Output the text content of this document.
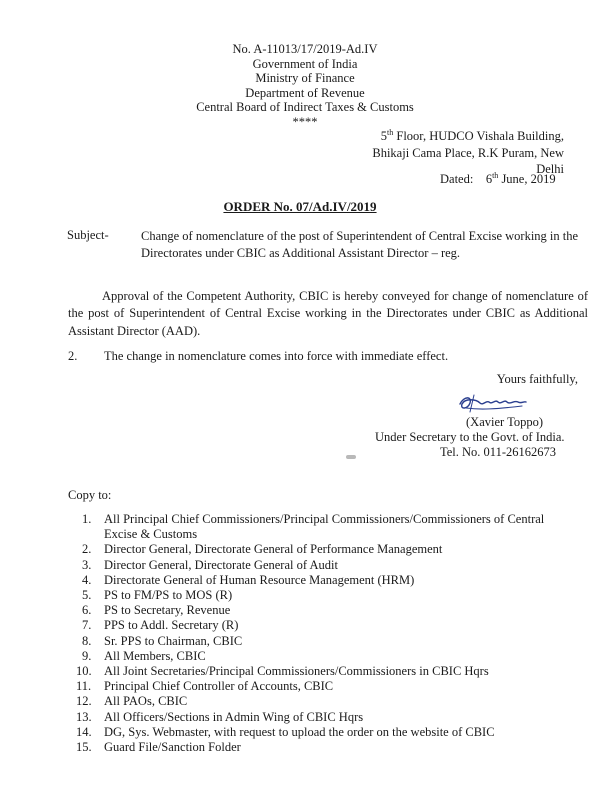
No. A-11013/17/2019-Ad.IV
Government of India
Ministry of Finance
Department of Revenue
Central Board of Indirect Taxes & Customs
****
5th Floor, HUDCO Vishala Building,
Bhikaji Cama Place, R.K Puram, New Delhi
Dated: 6th June, 2019
ORDER No. 07/Ad.IV/2019
Subject-	Change of nomenclature of the post of Superintendent of Central Excise working in the Directorates under CBIC as Additional Assistant Director – reg.
Approval of the Competent Authority, CBIC is hereby conveyed for change of nomenclature of the post of Superintendent of Central Excise working in the Directorates under CBIC as Additional Assistant Director (AAD).
2. The change in nomenclature comes into force with immediate effect.
Yours faithfully,
(Xavier Toppo)
Under Secretary to the Govt. of India.
Tel. No. 011-26162673
Copy to:
1.	All Principal Chief Commissioners/Principal Commissioners/Commissioners of Central
Excise & Customs
2.	Director General, Directorate General of Performance Management
3.	Director General, Directorate General of Audit
4.	Directorate General of Human Resource Management (HRM)
5.	PS to FM/PS to MOS (R)
6.	PS to Secretary, Revenue
7.	PPS to Addl. Secretary (R)
8.	Sr. PPS to Chairman, CBIC
9.	All Members, CBIC
10. All Joint Secretaries/Principal Commissioners/Commissioners in CBIC Hqrs
11.	Principal Chief Controller of Accounts, CBIC
12. All PAOs, CBIC
13. All Officers/Sections in Admin Wing of CBIC Hqrs
14. DG, Sys. Webmaster, with request to upload the order on the website of CBIC
15. Guard File/Sanction Folder
